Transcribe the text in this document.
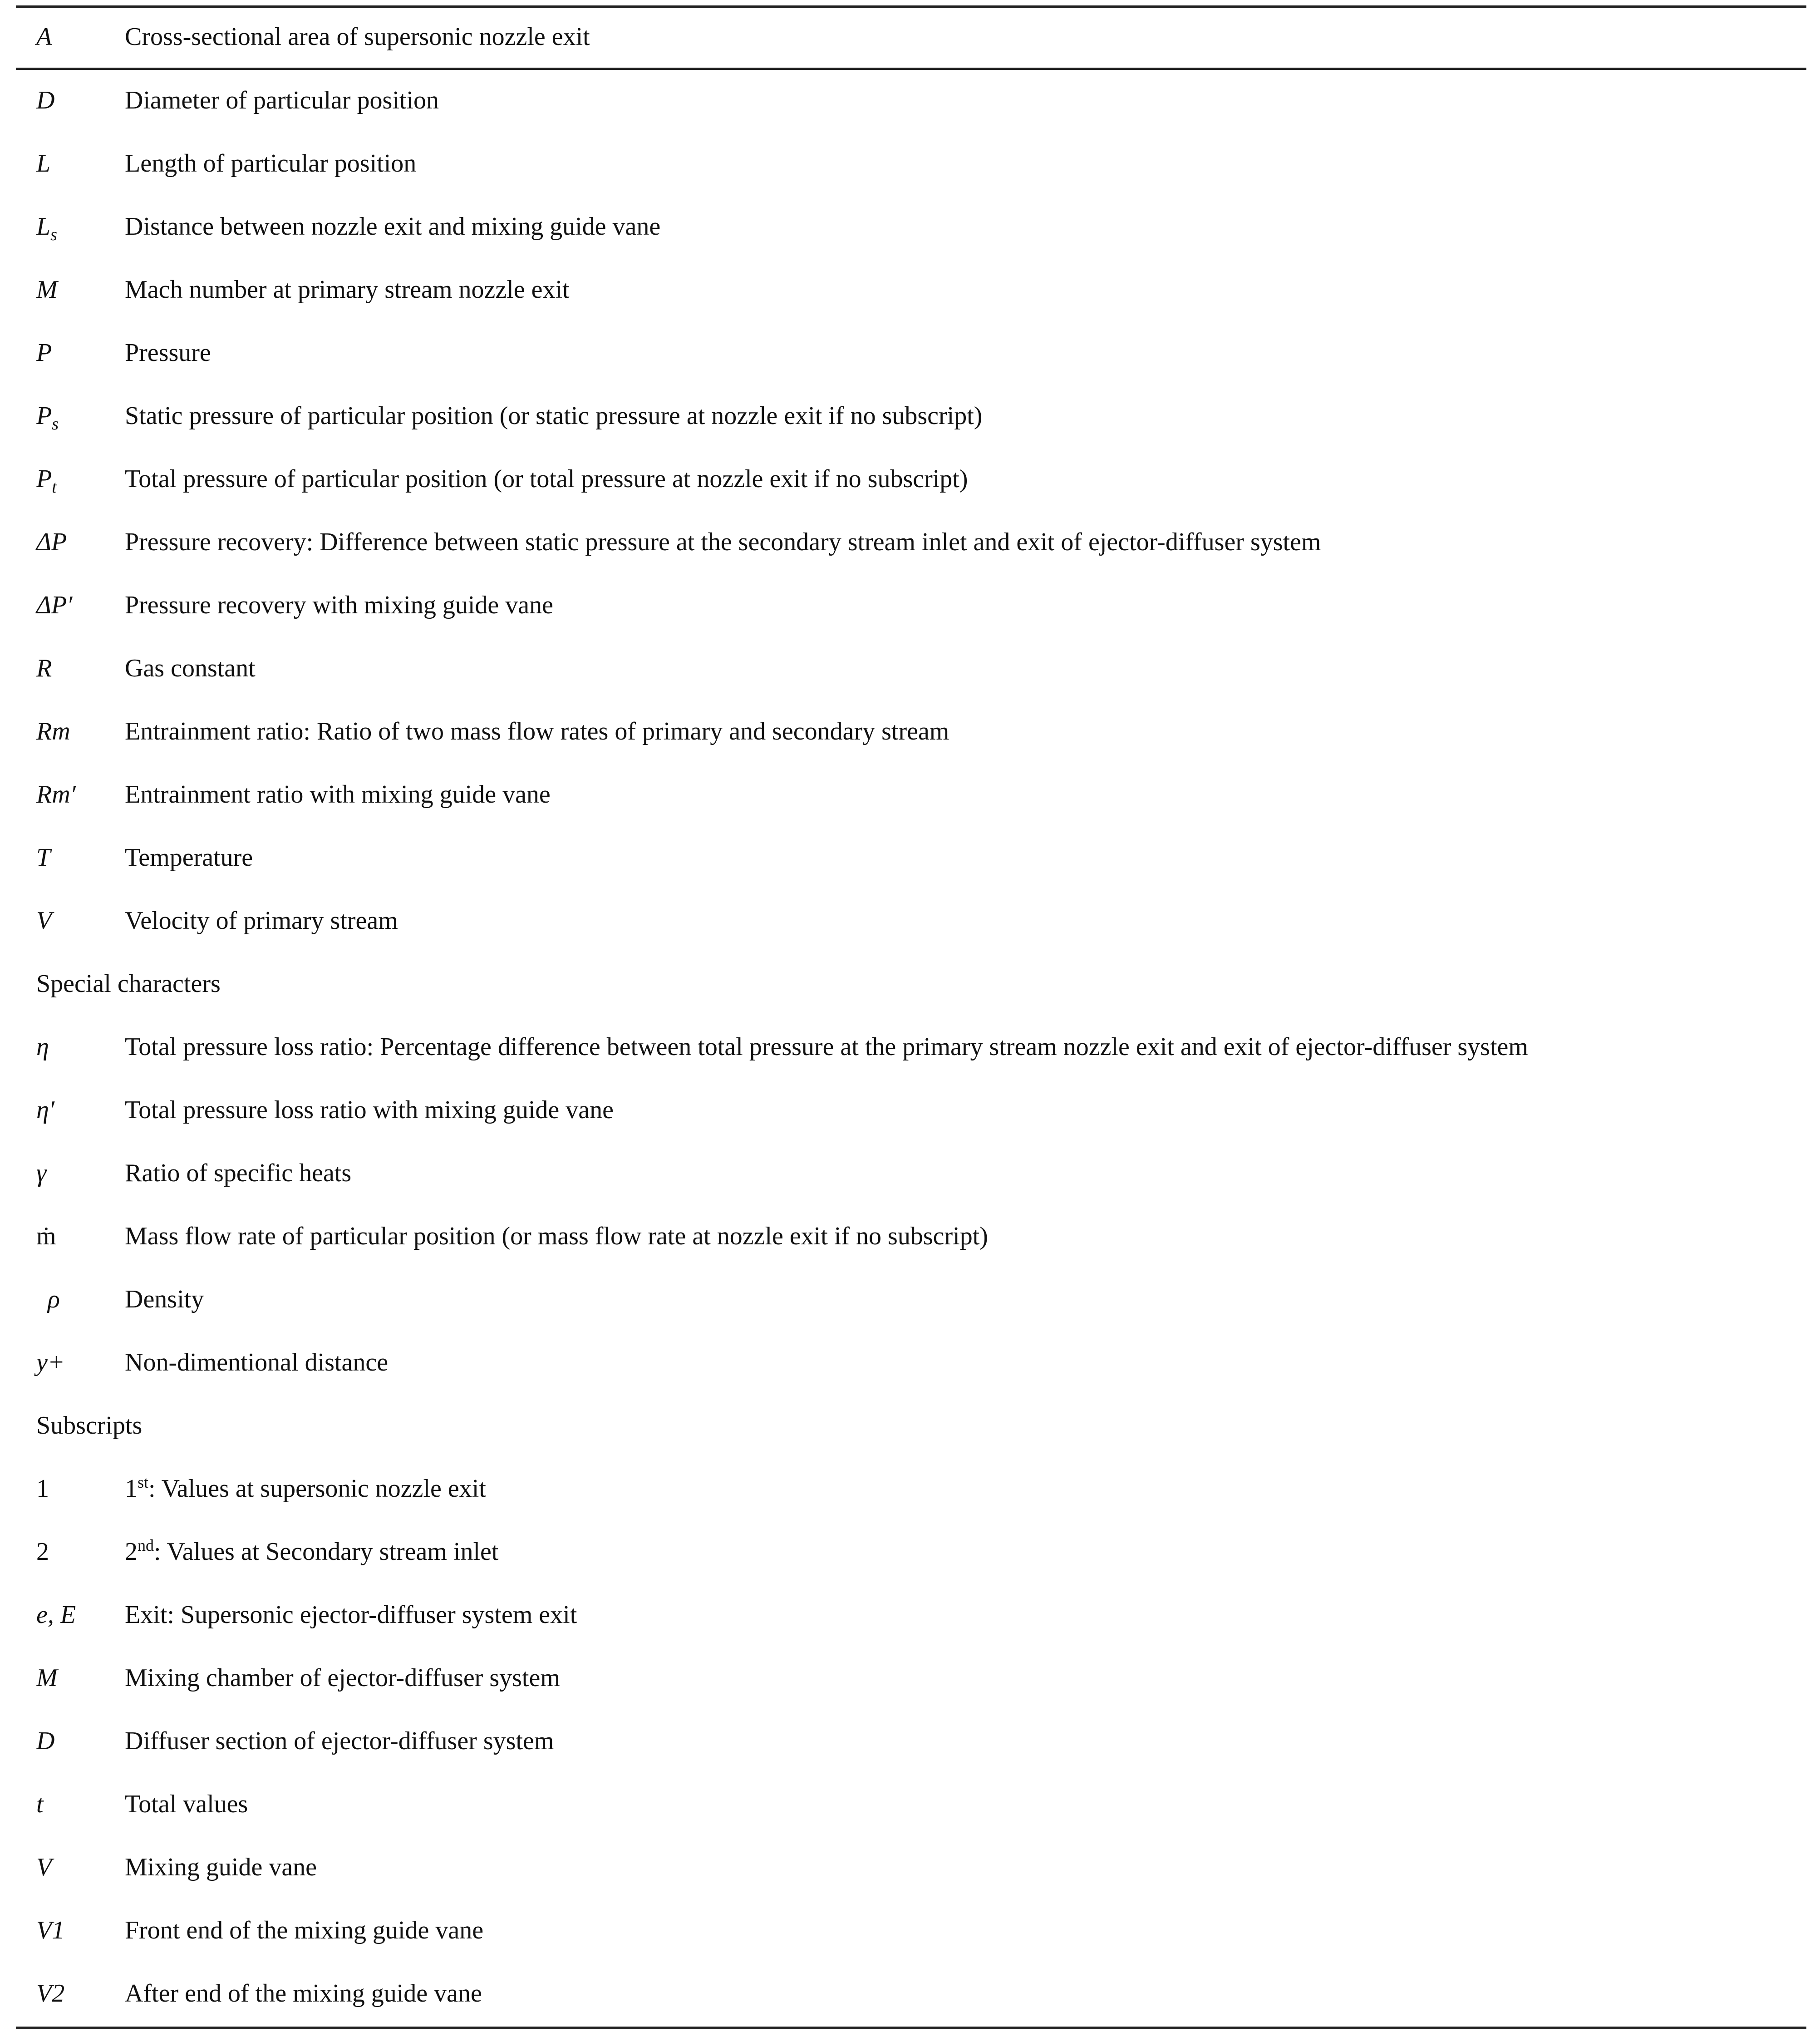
A	Cross-sectional area of supersonic nozzle exit
D	Diameter of particular position
L	Length of particular position
$L_s$	Distance between nozzle exit and mixing guide vane
M	Mach number at primary stream nozzle exit
P	Pressure
$P_s$	Static pressure of particular position (or static pressure at nozzle exit if no subscript)
$P_t$	Total pressure of particular position (or total pressure at nozzle exit if no subscript)
ΔP Pressure recovery: Difference between static pressure at the secondary stream inlet and exit of ejector-diffuser system
ΔP′ Pressure recovery with mixing guide vane
R	Gas constant
Rm Entrainment ratio: Ratio of two mass flow rates of primary and secondary stream
Rm′ Entrainment ratio with mixing guide vane
T	Temperature
V	Velocity of primary stream
Special characters
η	Total pressure loss ratio: Percentage difference between total pressure at the primary stream nozzle exit and exit of ejector-diffuser system
η′	Total pressure loss ratio with mixing guide vane
γ	Ratio of specific heats
ṁ	Mass flow rate of particular position (or mass flow rate at nozzle exit if no subscript)
ρ	Density
y+ Non-dimentional distance
Subscripts
1	1st: Values at supersonic nozzle exit
2	2nd: Values at Secondary stream inlet
e, E Exit: Supersonic ejector-diffuser system exit
M	Mixing chamber of ejector-diffuser system
D	Diffuser section of ejector-diffuser system
t	Total values
V	Mixing guide vane
V1 Front end of the mixing guide vane
V2 After end of the mixing guide vane
